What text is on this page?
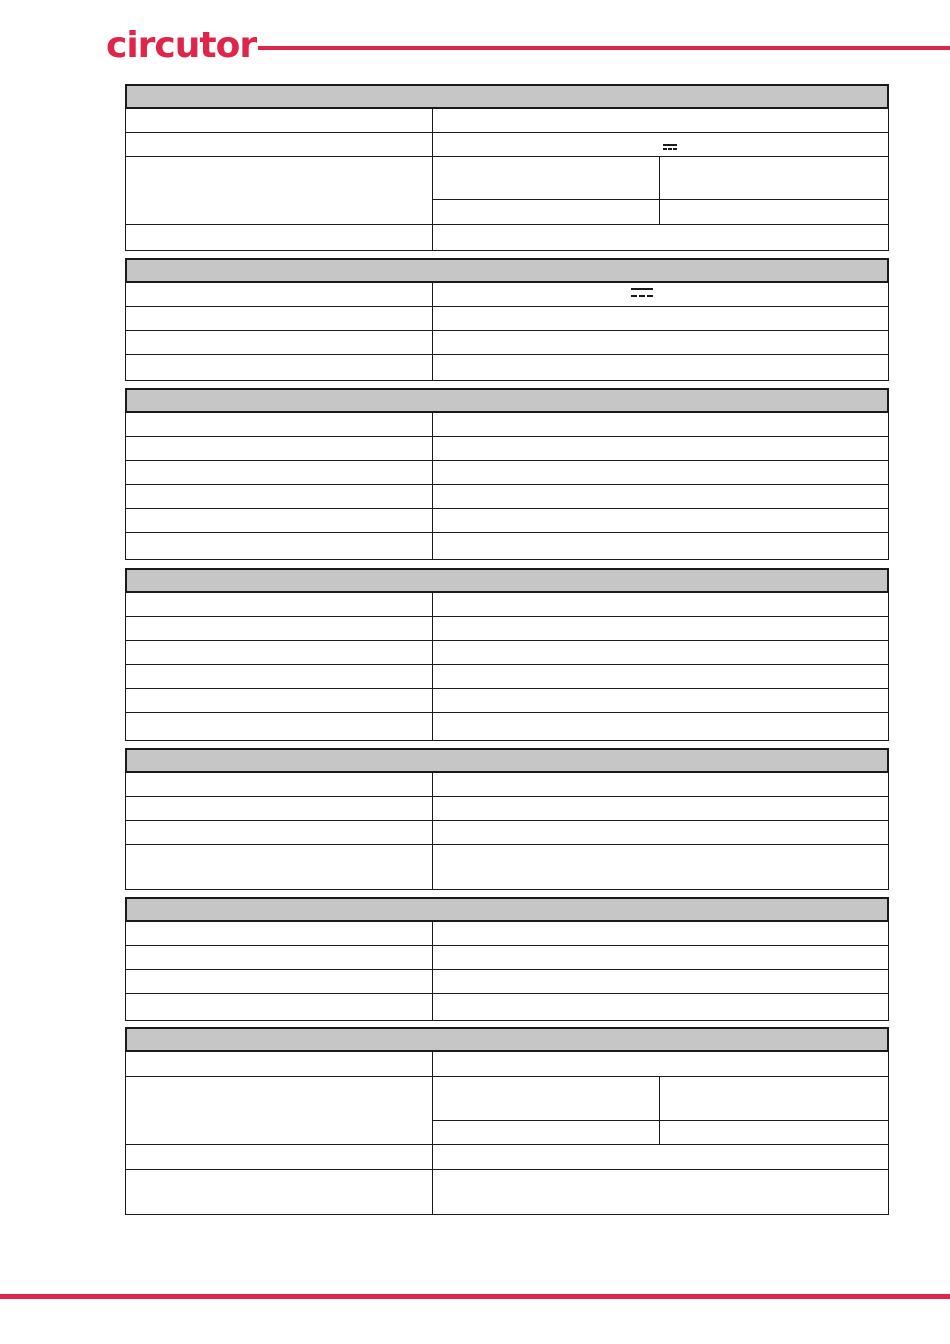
circutor
